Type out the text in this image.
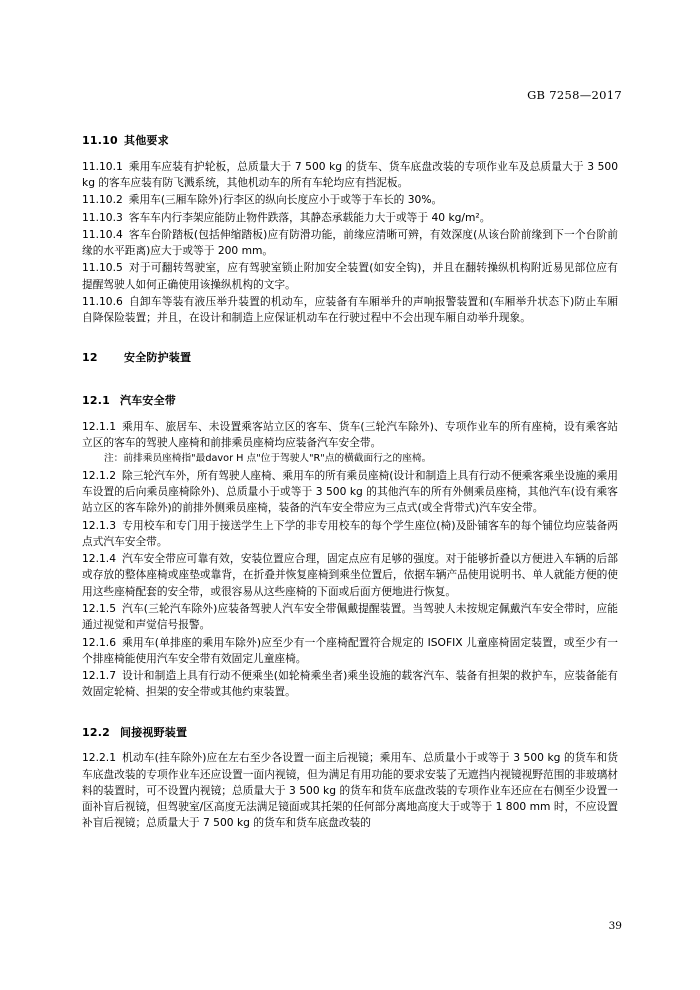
GB 7258—2017
11.10 其他要求

11.10.1 乘用车应装有护轮板，总质量大于 7 500 kg 的货车、货车底盘改装的专项作业车及总质量大于 3 500 kg 的客车应装有防飞溅系统，其他机动车的所有车轮均应有挡泥板。

11.10.2 乘用车(三厢车除外)行李区的纵向长度应小于或等于车长的 30%。

11.10.3 客车车内行李架应能防止物件跌落，其静态承载能力大于或等于 40 kg/m²。

11.10.4 客车台阶踏板(包括伸缩踏板)应有防滑功能，前缘应清晰可辨，有效深度(从该台阶前缘到下一个台阶前缘的水平距离)应大于或等于 200 mm。

11.10.5 对于可翻转驾驶室，应有驾驶室锁止附加安全装置(如安全钩)，并且在翻转操纵机构附近易见部位应有提醒驾驶人如何正确使用该操纵机构的文字。

11.10.6 自卸车等装有液压举升装置的机动车，应装备有车厢举升的声响报警装置和(车厢举升状态下)防止车厢自降保险装置；并且，在设计和制造上应保证机动车在行驶过程中不会出现车厢自动举升现象。

12 安全防护装置
12.1 汽车安全带

12.1.1 乘用车、旅居车、未设置乘客站立区的客车、货车(三轮汽车除外)、专项作业车的所有座椅，设有乘客站立区的客车的驾驶人座椅和前排乘员座椅均应装备汽车安全带。

注：前排乘员座椅指"最davor H 点"位于驾驶人"R"点的横截面行之的座椅。

12.1.2 除三轮汽车外，所有驾驶人座椅、乘用车的所有乘员座椅(设计和制造上具有行动不便乘客乘坐设施的乘用车设置的后向乘员座椅除外)、总质量小于或等于 3 500 kg 的其他汽车的所有外侧乘员座椅，其他汽车(设有乘客站立区的客车除外)的前排外侧乘员座椅，装备的汽车安全带应为三点式(或全背带式)汽车安全带。

12.1.3 专用校车和专门用于接送学生上下学的非专用校车的每个学生座位(椅)及卧铺客车的每个铺位均应装备两点式汽车安全带。

12.1.4 汽车安全带应可靠有效，安装位置应合理，固定点应有足够的强度。对于能够折叠以方便进入车辆的后部或存放的整体座椅或座垫或靠背，在折叠并恢复座椅到乘坐位置后，依据车辆产品使用说明书、单人就能方便的使用这些座椅配套的安全带，或很容易从这些座椅的下面或后面方便地进行恢复。

12.1.5 汽车(三轮汽车除外)应装备驾驶人汽车安全带佩戴提醒装置。当驾驶人未按规定佩戴汽车安全带时，应能通过视觉和声觉信号报警。

12.1.6 乘用车(单排座的乘用车除外)应至少有一个座椅配置符合规定的 ISOFIX 儿童座椅固定装置，或至少有一个排座椅能使用汽车安全带有效固定儿童座椅。

12.1.7 设计和制造上具有行动不便乘坐(如轮椅乘坐者)乘坐设施的载客汽车、装备有担架的救护车，应装备能有效固定轮椅、担架的安全带或其他约束装置。

12.2 间接视野装置

12.2.1 机动车(挂车除外)应在左右至少各设置一面主后视镜；乘用车、总质量小于或等于 3 500 kg 的货车和货车底盘改装的专项作业车还应设置一面内视镜，但为满足有用功能的要求安装了无遮挡内视镜视野范围的非玻璃材料的装置时，可不设置内视镜；总质量大于 3 500 kg 的货车和货车底盘改装的专项作业车还应在右侧至少设置一面补盲后视镜，但驾驶室/区高度无法满足镜面或其托架的任何部分离地高度大于或等于 1 800 mm 时，不应设置补盲后视镜；总质量大于 7 500 kg 的货车和货车底盘改装的

39
